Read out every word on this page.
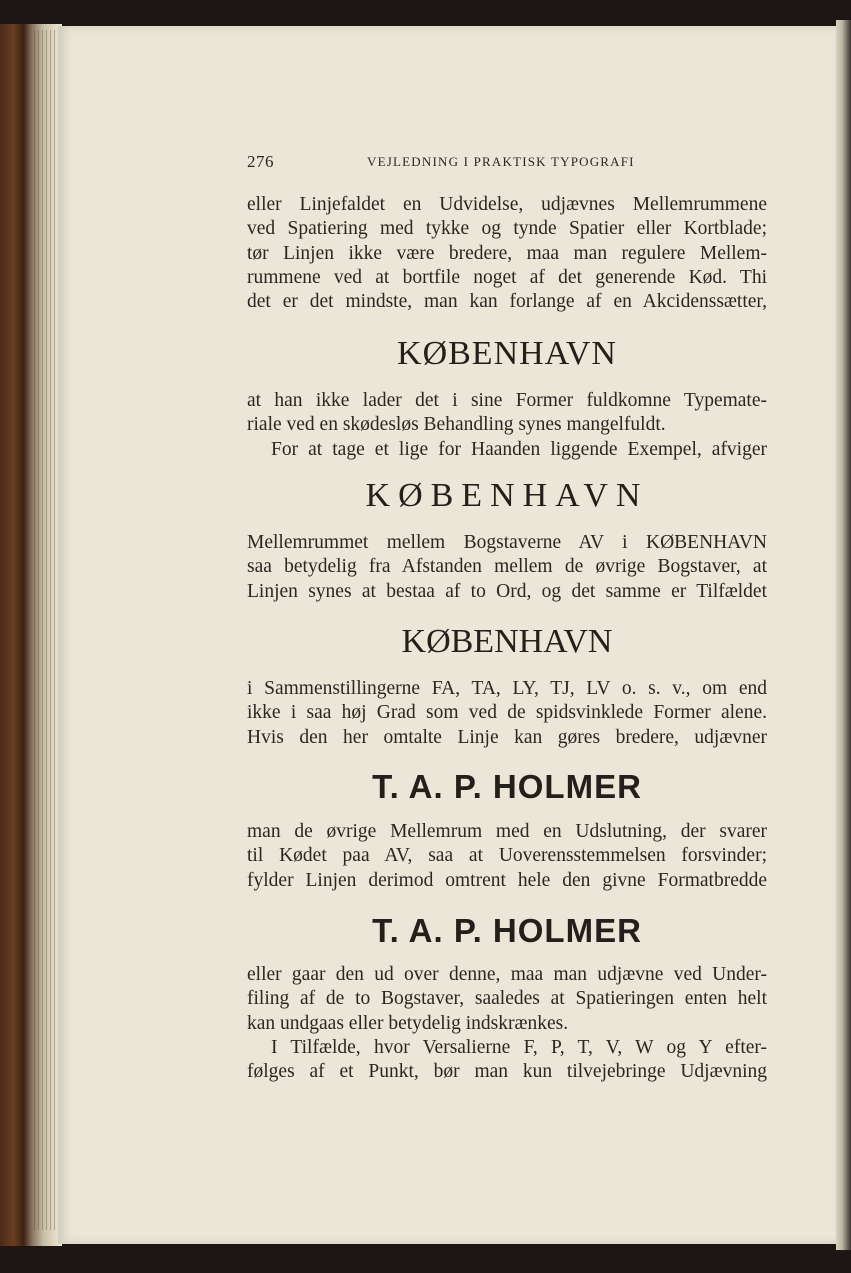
276	VEJLEDNING I PRAKTISK TYPOGRAFI
eller Linjefaldet en Udvidelse, udjævnes Mellemrummene
ved Spatiering med tykke og tynde Spatier eller Kortblade;
tør Linjen ikke være bredere, maa man regulere Mellem-
rummene ved at bortfile noget af det generende Kød. Thi
det er det mindste, man kan forlange af en Akcidenssætter,
KØBENHAVN
at han ikke lader det i sine Former fuldkomne Typemate-
riale ved en skødesløs Behandling synes mangelfuldt.
For at tage et lige for Haanden liggende Exempel, afviger
KØBENHAVN
Mellemrummet mellem Bogstaverne AV i KØBENHAVN
saa betydelig fra Afstanden mellem de øvrige Bogstaver, at
Linjen synes at bestaa af to Ord, og det samme er Tilfældet
KØBENHAVN
i Sammenstillingerne FA, TA, LY, TJ, LV o. s. v., om end
ikke i saa høj Grad som ved de spidsvinklede Former alene.
Hvis den her omtalte Linje kan gøres bredere, udjævner
T. A. P. HOLMER
man de øvrige Mellemrum med en Udslutning, der svarer
til Kødet paa AV, saa at Uoverensstemmelsen forsvinder;
fylder Linjen derimod omtrent hele den givne Formatbredde
T. A. P. HOLMER
eller gaar den ud over denne, maa man udjævne ved Under-
filing af de to Bogstaver, saaledes at Spatieringen enten helt
kan undgaas eller betydelig indskrænkes.
I Tilfælde, hvor Versalierne F, P, T, V, W og Y efter-
følges af et Punkt, bør man kun tilvejebringe Udjævning
